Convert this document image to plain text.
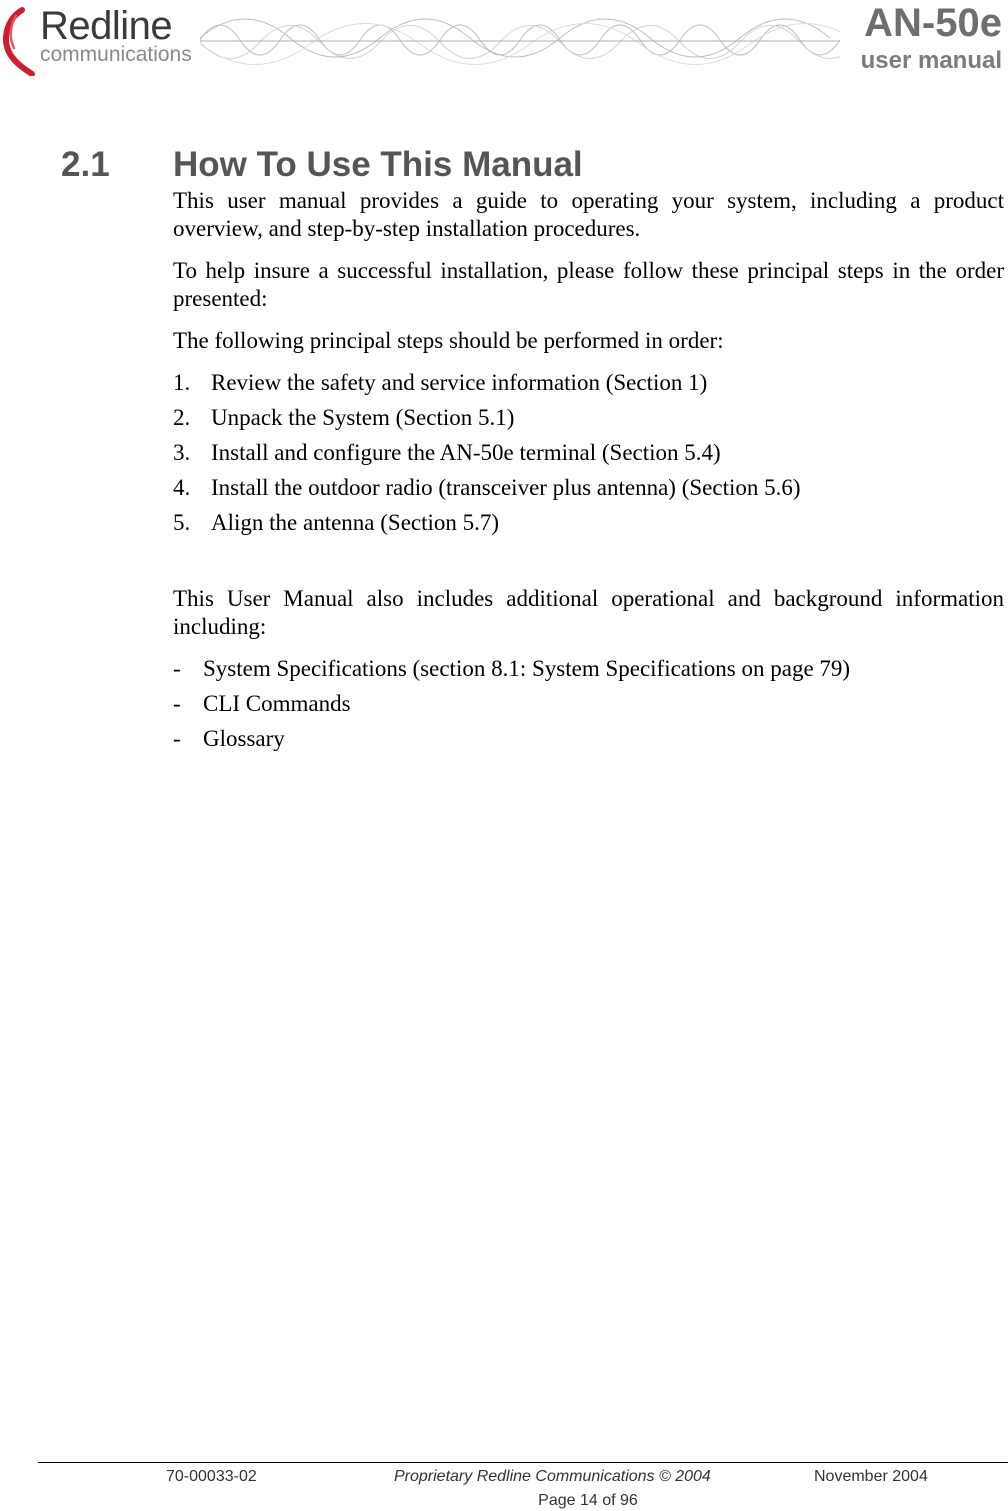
Redline
communications
AN-50e
user manual
2.1 How To Use This Manual

This user manual provides a guide to operating your system, including a product overview, and step-by-step installation procedures.

To help insure a successful installation, please follow these principal steps in the order presented:

The following principal steps should be performed in order:

1. Review the safety and service information (Section 1)
2. Unpack the System (Section 5.1)
3. Install and configure the AN-50e terminal (Section 5.4)
4. Install the outdoor radio (transceiver plus antenna) (Section 5.6)
5. Align the antenna (Section 5.7)

This User Manual also includes additional operational and background information including:

- System Specifications (section 8.1: System Specifications on page 79)
- CLI Commands
- Glossary
70-00033-02	Proprietary Redline Communications © 2004	November 2004
Page 14 of 96
